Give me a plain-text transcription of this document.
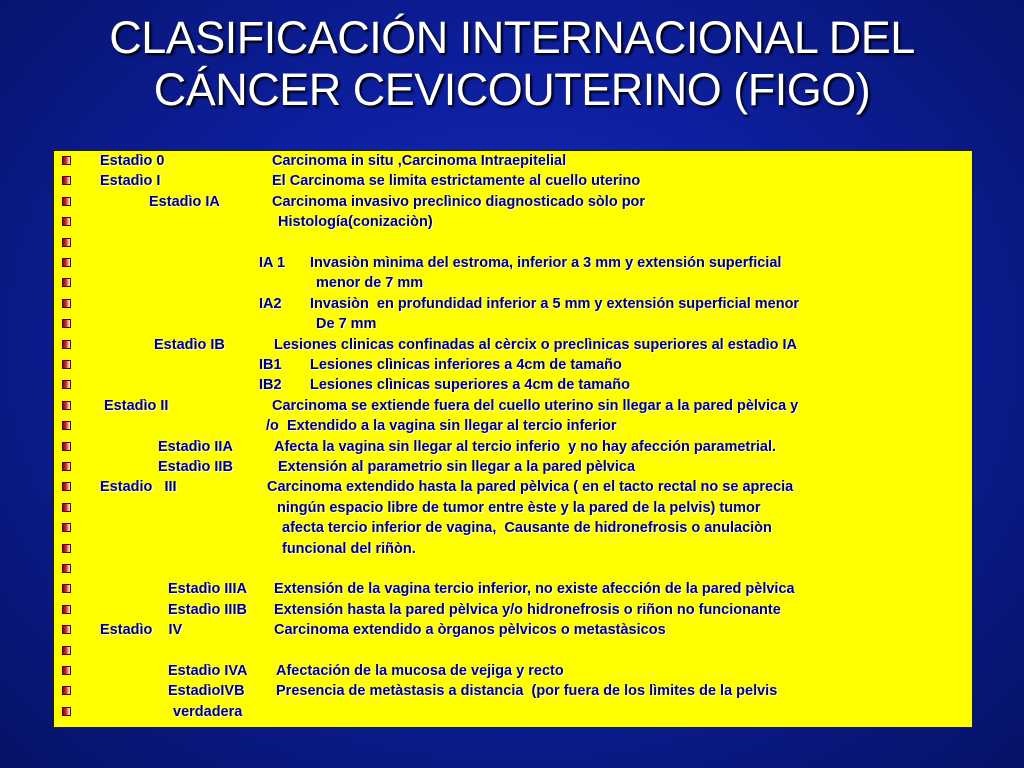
CLASIFICACIÓN INTERNACIONAL DEL
CÁNCER CEVICOUTERINO (FIGO)
Estadìo 0	Carcinoma in situ ,Carcinoma Intraepitelial
Estadìo I	El Carcinoma se limita estrictamente al cuello uterino
Estadìo IA	Carcinoma invasivo preclìnico diagnosticado sòlo por
Histología(conizaciòn)
IA 1 Invasiòn mìnima del estroma, inferior a 3 mm y extensión superficial
menor de 7 mm
IA2 Invasiòn  en profundidad inferior a 5 mm y extensión superficial menor
De 7 mm
Estadìo IB	Lesiones clinicas confinadas al cèrcix o preclìnicas superiores al estadìo IA
IB1 Lesiones clìnicas inferiores a 4cm de tamaño
IB2 Lesiones clìnicas superiores a 4cm de tamaño
Estadìo II	Carcinoma se extiende fuera del cuello uterino sin llegar a la pared pèlvica y
/o  Extendido a la vagina sin llegar al tercio inferior
Estadìo IIA	Afecta la vagina sin llegar al tercio inferio  y no hay afección parametrial.
Estadìo IIB	Extensión al parametrio sin llegar a la pared pèlvica
Estadio   III	Carcinoma extendido hasta la pared pèlvica ( en el tacto rectal no se aprecia
ningún espacio libre de tumor entre èste y la pared de la pelvis) tumor
afecta tercio inferior de vagina,  Causante de hidronefrosis o anulaciòn
funcional del riñòn.
Estadìo IIIA Extensión de la vagina tercio inferior, no existe afección de la pared pèlvica
Estadìo IIIB Extensión hasta la pared pèlvica y/o hidronefrosis o riñon no funcionante
Estadìo    IV	Carcinoma extendido a òrganos pèlvicos o metastàsicos
Estadìo IVA Afectación de la mucosa de vejiga y recto
EstadìoIVB Presencia de metàstasis a distancia  (por fuera de los lìmites de la pelvis
verdadera
